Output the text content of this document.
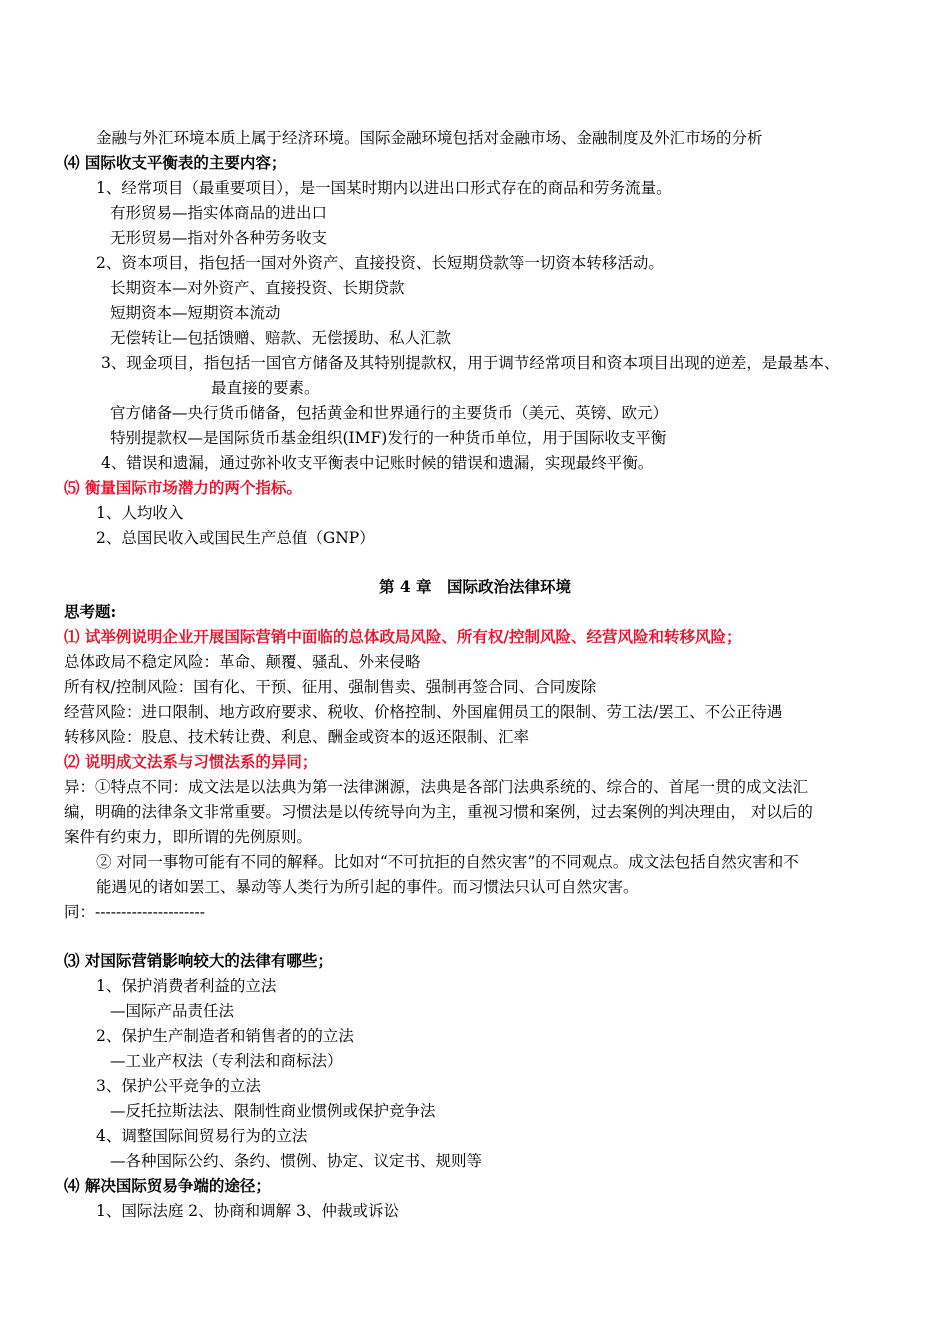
金融与外汇环境本质上属于经济环境。国际金融环境包括对金融市场、金融制度及外汇市场的分析
⑷ 国际收支平衡表的主要内容；
1、经常项目（最重要项目），是一国某时期内以进出口形式存在的商品和劳务流量。
有形贸易—指实体商品的进出口
无形贸易—指对外各种劳务收支
2、资本项目，指包括一国对外资产、直接投资、长短期贷款等一切资本转移活动。
长期资本—对外资产、直接投资、长期贷款
短期资本—短期资本流动
无偿转让—包括馈赠、赔款、无偿援助、私人汇款
3、现金项目，指包括一国官方储备及其特别提款权，用于调节经常项目和资本项目出现的逆差，是最基本、
最直接的要素。
官方储备—央行货币储备，包括黄金和世界通行的主要货币（美元、英镑、欧元）
特别提款权—是国际货币基金组织(IMF)发行的一种货币单位，用于国际收支平衡
4、错误和遗漏，通过弥补收支平衡表中记账时候的错误和遗漏，实现最终平衡。
⑸ 衡量国际市场潜力的两个指标。
1、人均收入
2、总国民收入或国民生产总值（GNP）
第 4 章　国际政治法律环境
思考题:
⑴ 试举例说明企业开展国际营销中面临的总体政局风险、所有权/控制风险、经营风险和转移风险；
总体政局不稳定风险：革命、颠覆、骚乱、外来侵略
所有权/控制风险：国有化、干预、征用、强制售卖、强制再签合同、合同废除
经营风险：进口限制、地方政府要求、税收、价格控制、外国雇佣员工的限制、劳工法/罢工、不公正待遇
转移风险：股息、技术转让费、利息、酬金或资本的返还限制、汇率
⑵ 说明成文法系与习惯法系的异同；
异：①特点不同：成文法是以法典为第一法律渊源，法典是各部门法典系统的、综合的、首尾一贯的成文法汇
编，明确的法律条文非常重要。习惯法是以传统导向为主，重视习惯和案例，过去案例的判决理由， 对以后的
案件有约束力，即所谓的先例原则。
② 对同一事物可能有不同的解释。比如对“不可抗拒的自然灾害”的不同观点。成文法包括自然灾害和不
能遇见的诸如罢工、暴动等人类行为所引起的事件。而习惯法只认可自然灾害。
同：---------------------
⑶ 对国际营销影响较大的法律有哪些；
1、保护消费者利益的立法
—国际产品责任法
2、保护生产制造者和销售者的的立法
—工业产权法（专利法和商标法）
3、保护公平竞争的立法
—反托拉斯法法、限制性商业惯例或保护竞争法
4、调整国际间贸易行为的立法
—各种国际公约、条约、惯例、协定、议定书、规则等
⑷ 解决国际贸易争端的途径；
1、国际法庭 2、协商和调解 3、仲裁或诉讼
